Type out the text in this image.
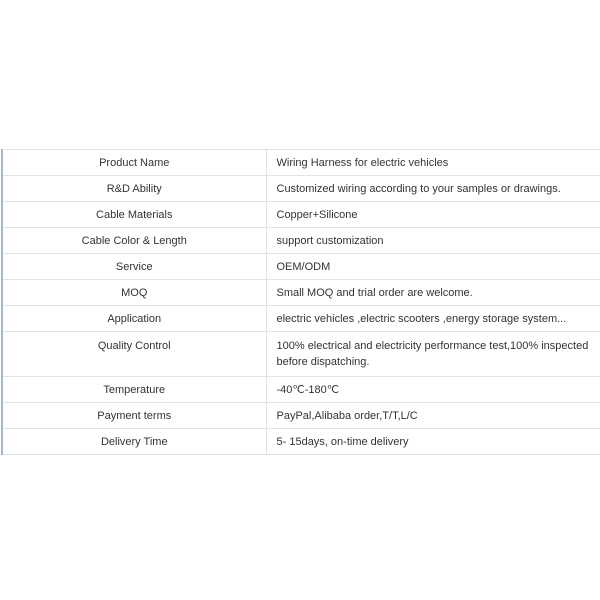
Product Name	Wiring Harness for electric vehicles
R&D Ability	Customized wiring according to your samples or drawings.
Cable Materials	Copper+Silicone
Cable Color & Length	support customization
Service	OEM/ODM
MOQ	Small MOQ and trial order are welcome.
Application	electric vehicles ,electric scooters ,energy storage system...
Quality Control	100% electrical and electricity performance test,100% inspected before dispatching.
Temperature	-40℃-180℃
Payment terms	PayPal,Alibaba order,T/T,L/C
Delivery Time	5- 15days, on-time delivery
